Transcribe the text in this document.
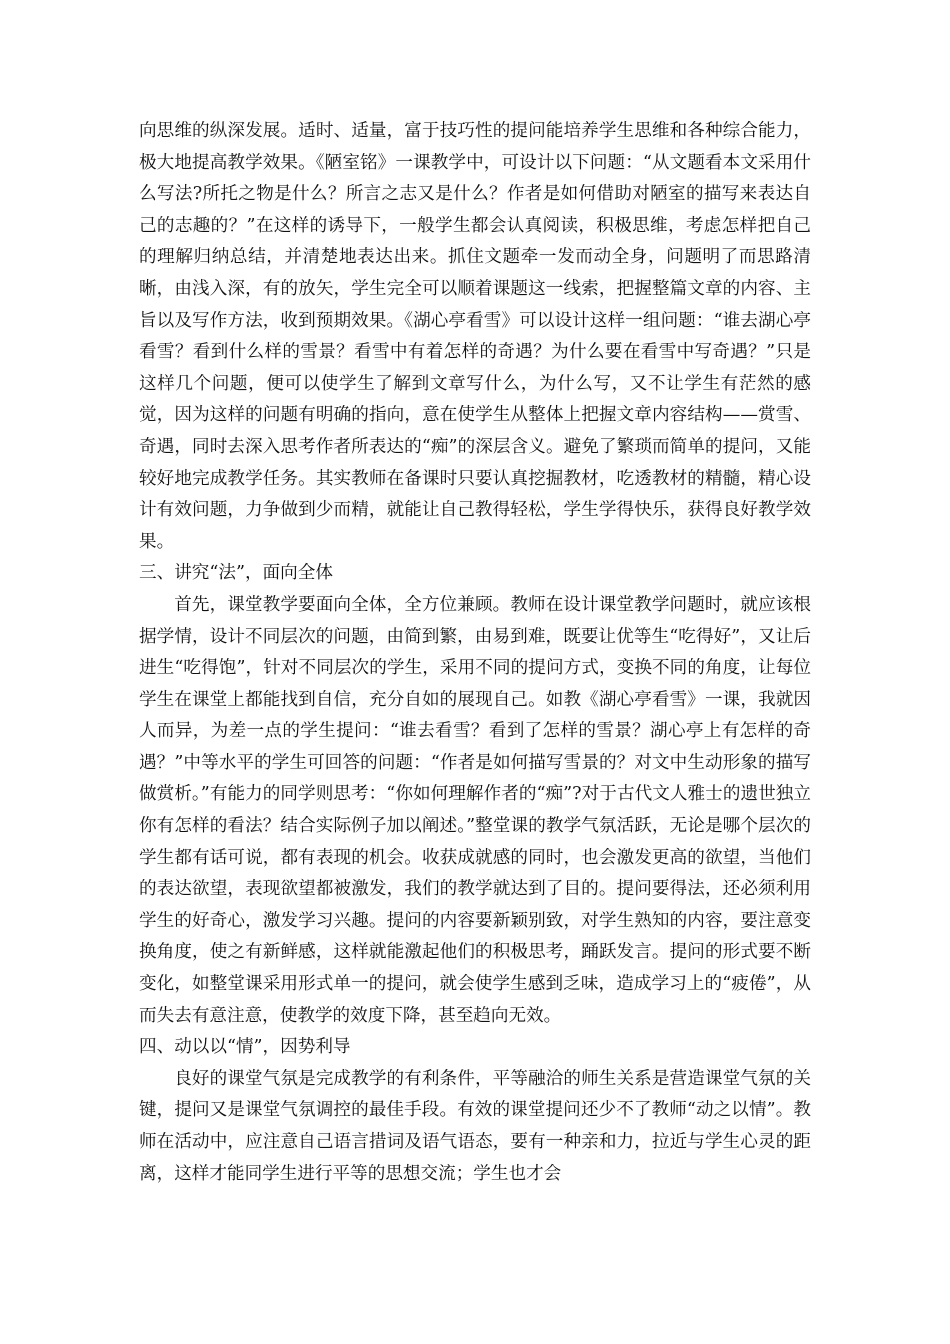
向思维的纵深发展。适时、适量，富于技巧性的提问能培养学生思维和各种综合能力，极大地提高教学效果。《陋室铭》一课教学中，可设计以下问题：“从文题看本文采用什么写法?所托之物是什么？所言之志又是什么？作者是如何借助对陋室的描写来表达自己的志趣的？”在这样的诱导下，一般学生都会认真阅读，积极思维，考虑怎样把自己的理解归纳总结，并清楚地表达出来。抓住文题牵一发而动全身，问题明了而思路清晰，由浅入深，有的放矢，学生完全可以顺着课题这一线索，把握整篇文章的内容、主旨以及写作方法，收到预期效果。《湖心亭看雪》可以设计这样一组问题：“谁去湖心亭看雪？看到什么样的雪景？看雪中有着怎样的奇遇？为什么要在看雪中写奇遇？”只是这样几个问题，便可以使学生了解到文章写什么，为什么写，又不让学生有茫然的感觉，因为这样的问题有明确的指向，意在使学生从整体上把握文章内容结构——赏雪、奇遇，同时去深入思考作者所表达的“痴”的深层含义。避免了繁琐而简单的提问，又能较好地完成教学任务。其实教师在备课时只要认真挖掘教材，吃透教材的精髓，精心设计有效问题，力争做到少而精，就能让自己教得轻松，学生学得快乐，获得良好教学效果。

三、讲究“法”，面向全体

首先，课堂教学要面向全体，全方位兼顾。教师在设计课堂教学问题时，就应该根据学情，设计不同层次的问题，由简到繁，由易到难，既要让优等生“吃得好”，又让后进生“吃得饱”，针对不同层次的学生，采用不同的提问方式，变换不同的角度，让每位学生在课堂上都能找到自信，充分自如的展现自己。如教《湖心亭看雪》一课，我就因人而异，为差一点的学生提问：“谁去看雪？看到了怎样的雪景？湖心亭上有怎样的奇遇？”中等水平的学生可回答的问题：“作者是如何描写雪景的？对文中生动形象的描写做赏析。”有能力的同学则思考：“你如何理解作者的“痴”?对于古代文人雅士的遗世独立你有怎样的看法？结合实际例子加以阐述。”整堂课的教学气氛活跃，无论是哪个层次的学生都有话可说，都有表现的机会。收获成就感的同时，也会激发更高的欲望，当他们的表达欲望，表现欲望都被激发，我们的教学就达到了目的。提问要得法，还必须利用学生的好奇心，激发学习兴趣。提问的内容要新颖别致，对学生熟知的内容，要注意变换角度，使之有新鲜感，这样就能激起他们的积极思考，踊跃发言。提问的形式要不断变化，如整堂课采用形式单一的提问，就会使学生感到乏味，造成学习上的“疲倦”，从而失去有意注意，使教学的效度下降，甚至趋向无效。

四、动以以“情”，因势利导

良好的课堂气氛是完成教学的有利条件，平等融洽的师生关系是营造课堂气氛的关键，提问又是课堂气氛调控的最佳手段。有效的课堂提问还少不了教师“动之以情”。教师在活动中，应注意自己语言措词及语气语态，要有一种亲和力，拉近与学生心灵的距离，这样才能同学生进行平等的思想交流；学生也才会
